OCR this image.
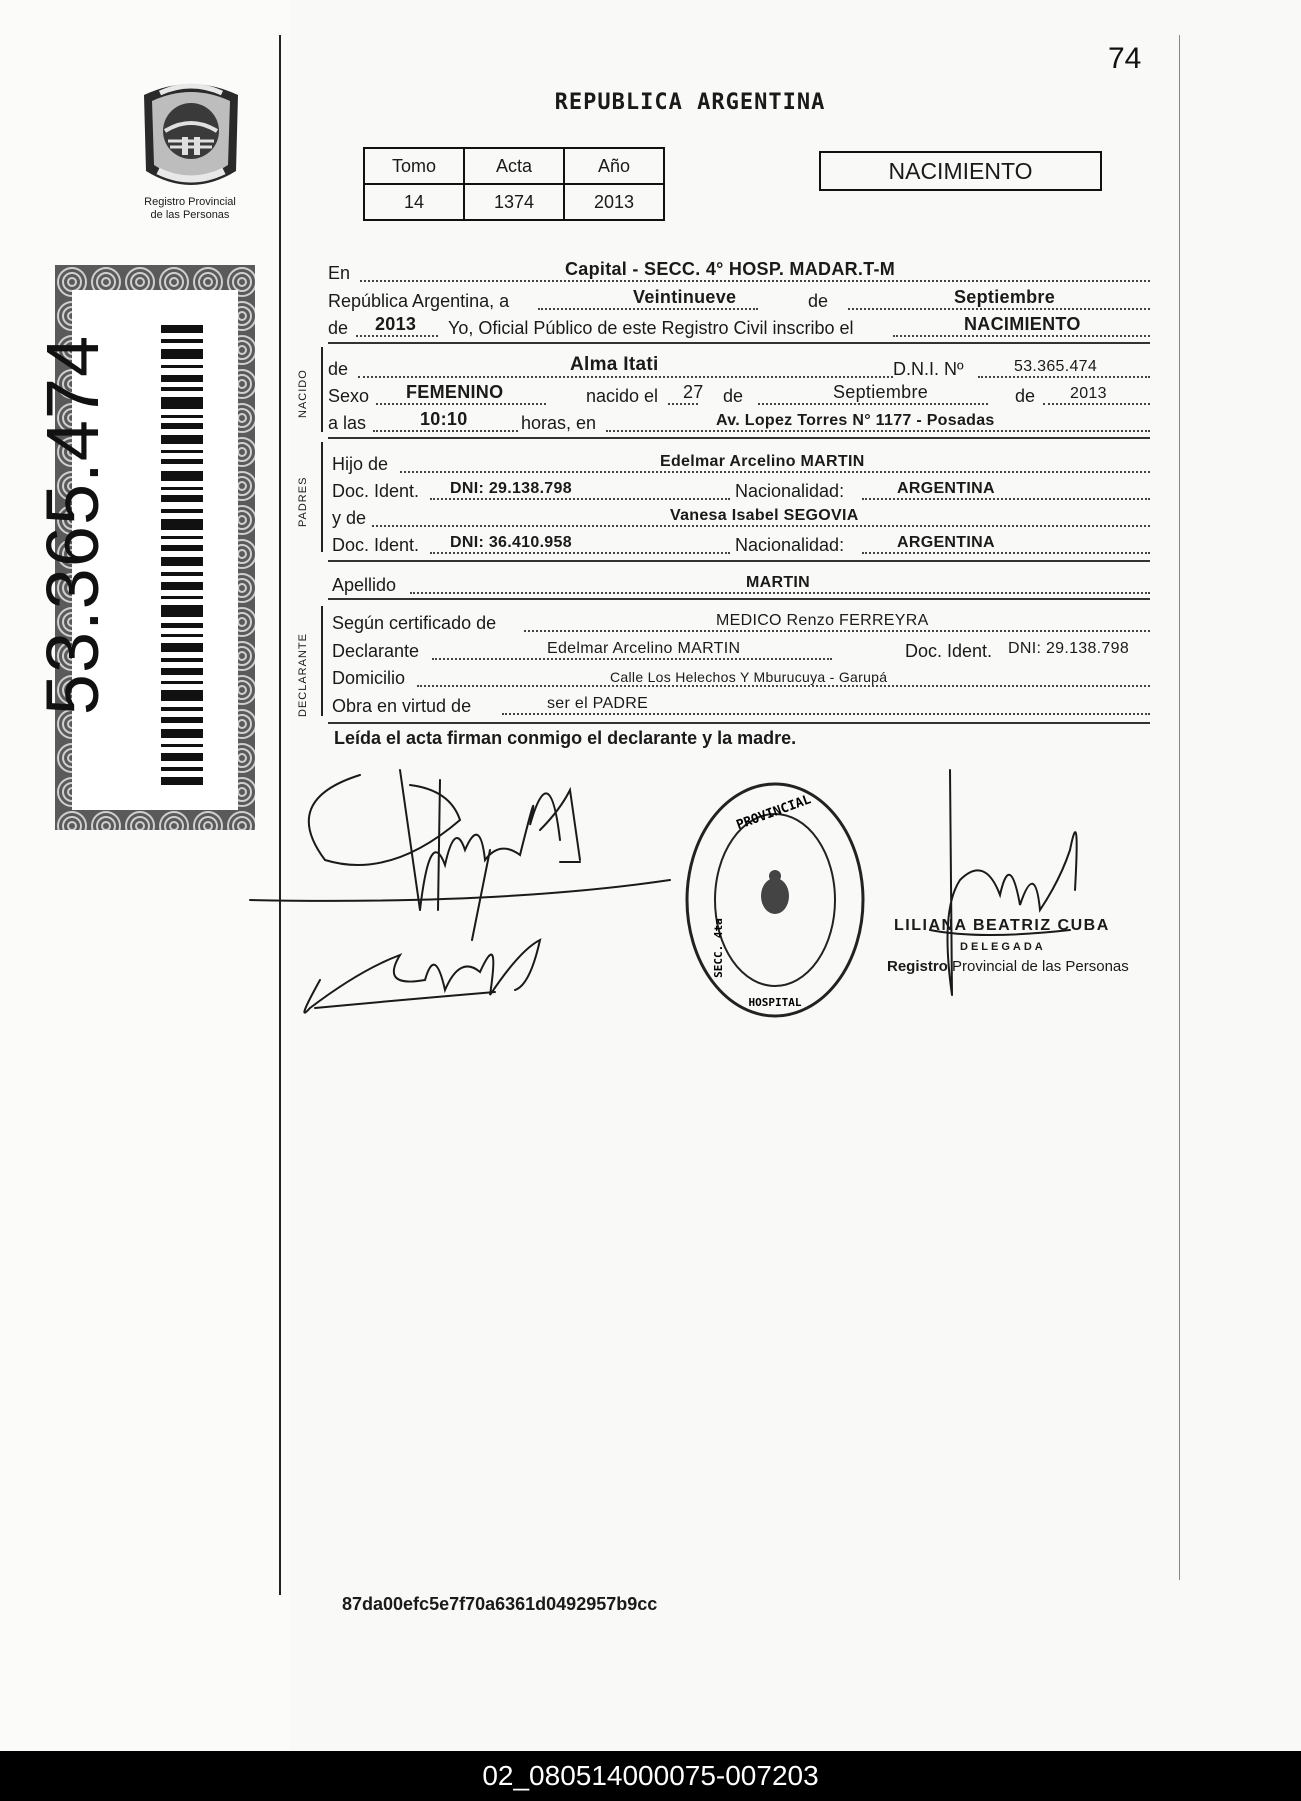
Registro Provincial
de las Personas
53.365.474
74
REPUBLICA ARGENTINA
Tomo	Acta	Año
14	1374	2013
NACIMIENTO
En	Capital - SECC. 4° HOSP. MADAR.T-M
República Argentina, a	Veintinueve	de	Septiembre
de 2013 Yo, Oficial Público de este Registro Civil inscribo el	NACIMIENTO
NACIDO
de	Alma Itati	D.N.I. Nº	53.365.474
Sexo FEMENINO	nacido el 27 de	Septiembre	de 2013
a las	10:10	horas, en	Av. Lopez Torres N° 1177 - Posadas
PADRES
Hijo de	Edelmar Arcelino MARTIN
Doc. Ident. DNI: 29.138.798	Nacionalidad:	ARGENTINA
y de	Vanesa Isabel SEGOVIA
Doc. Ident. DNI: 36.410.958	Nacionalidad:	ARGENTINA
Apellido	MARTIN
DECLARANTE
Según certificado de	MEDICO Renzo FERREYRA
Declarante	Edelmar Arcelino MARTIN	Doc. Ident. DNI: 29.138.798
Domicilio	Calle Los Helechos Y Mburucuya - Garupá
Obra en virtud de	ser el PADRE
Leída el acta firman conmigo el declarante y la madre.
PROVINCIAL
HOSPITAL
SECC. 4ta	LILIANA BEATRIZ CUBA
DELEGADA
Registro Provincial de las Personas
87da00efc5e7f70a6361d0492957b9cc
02_080514000075-007203
